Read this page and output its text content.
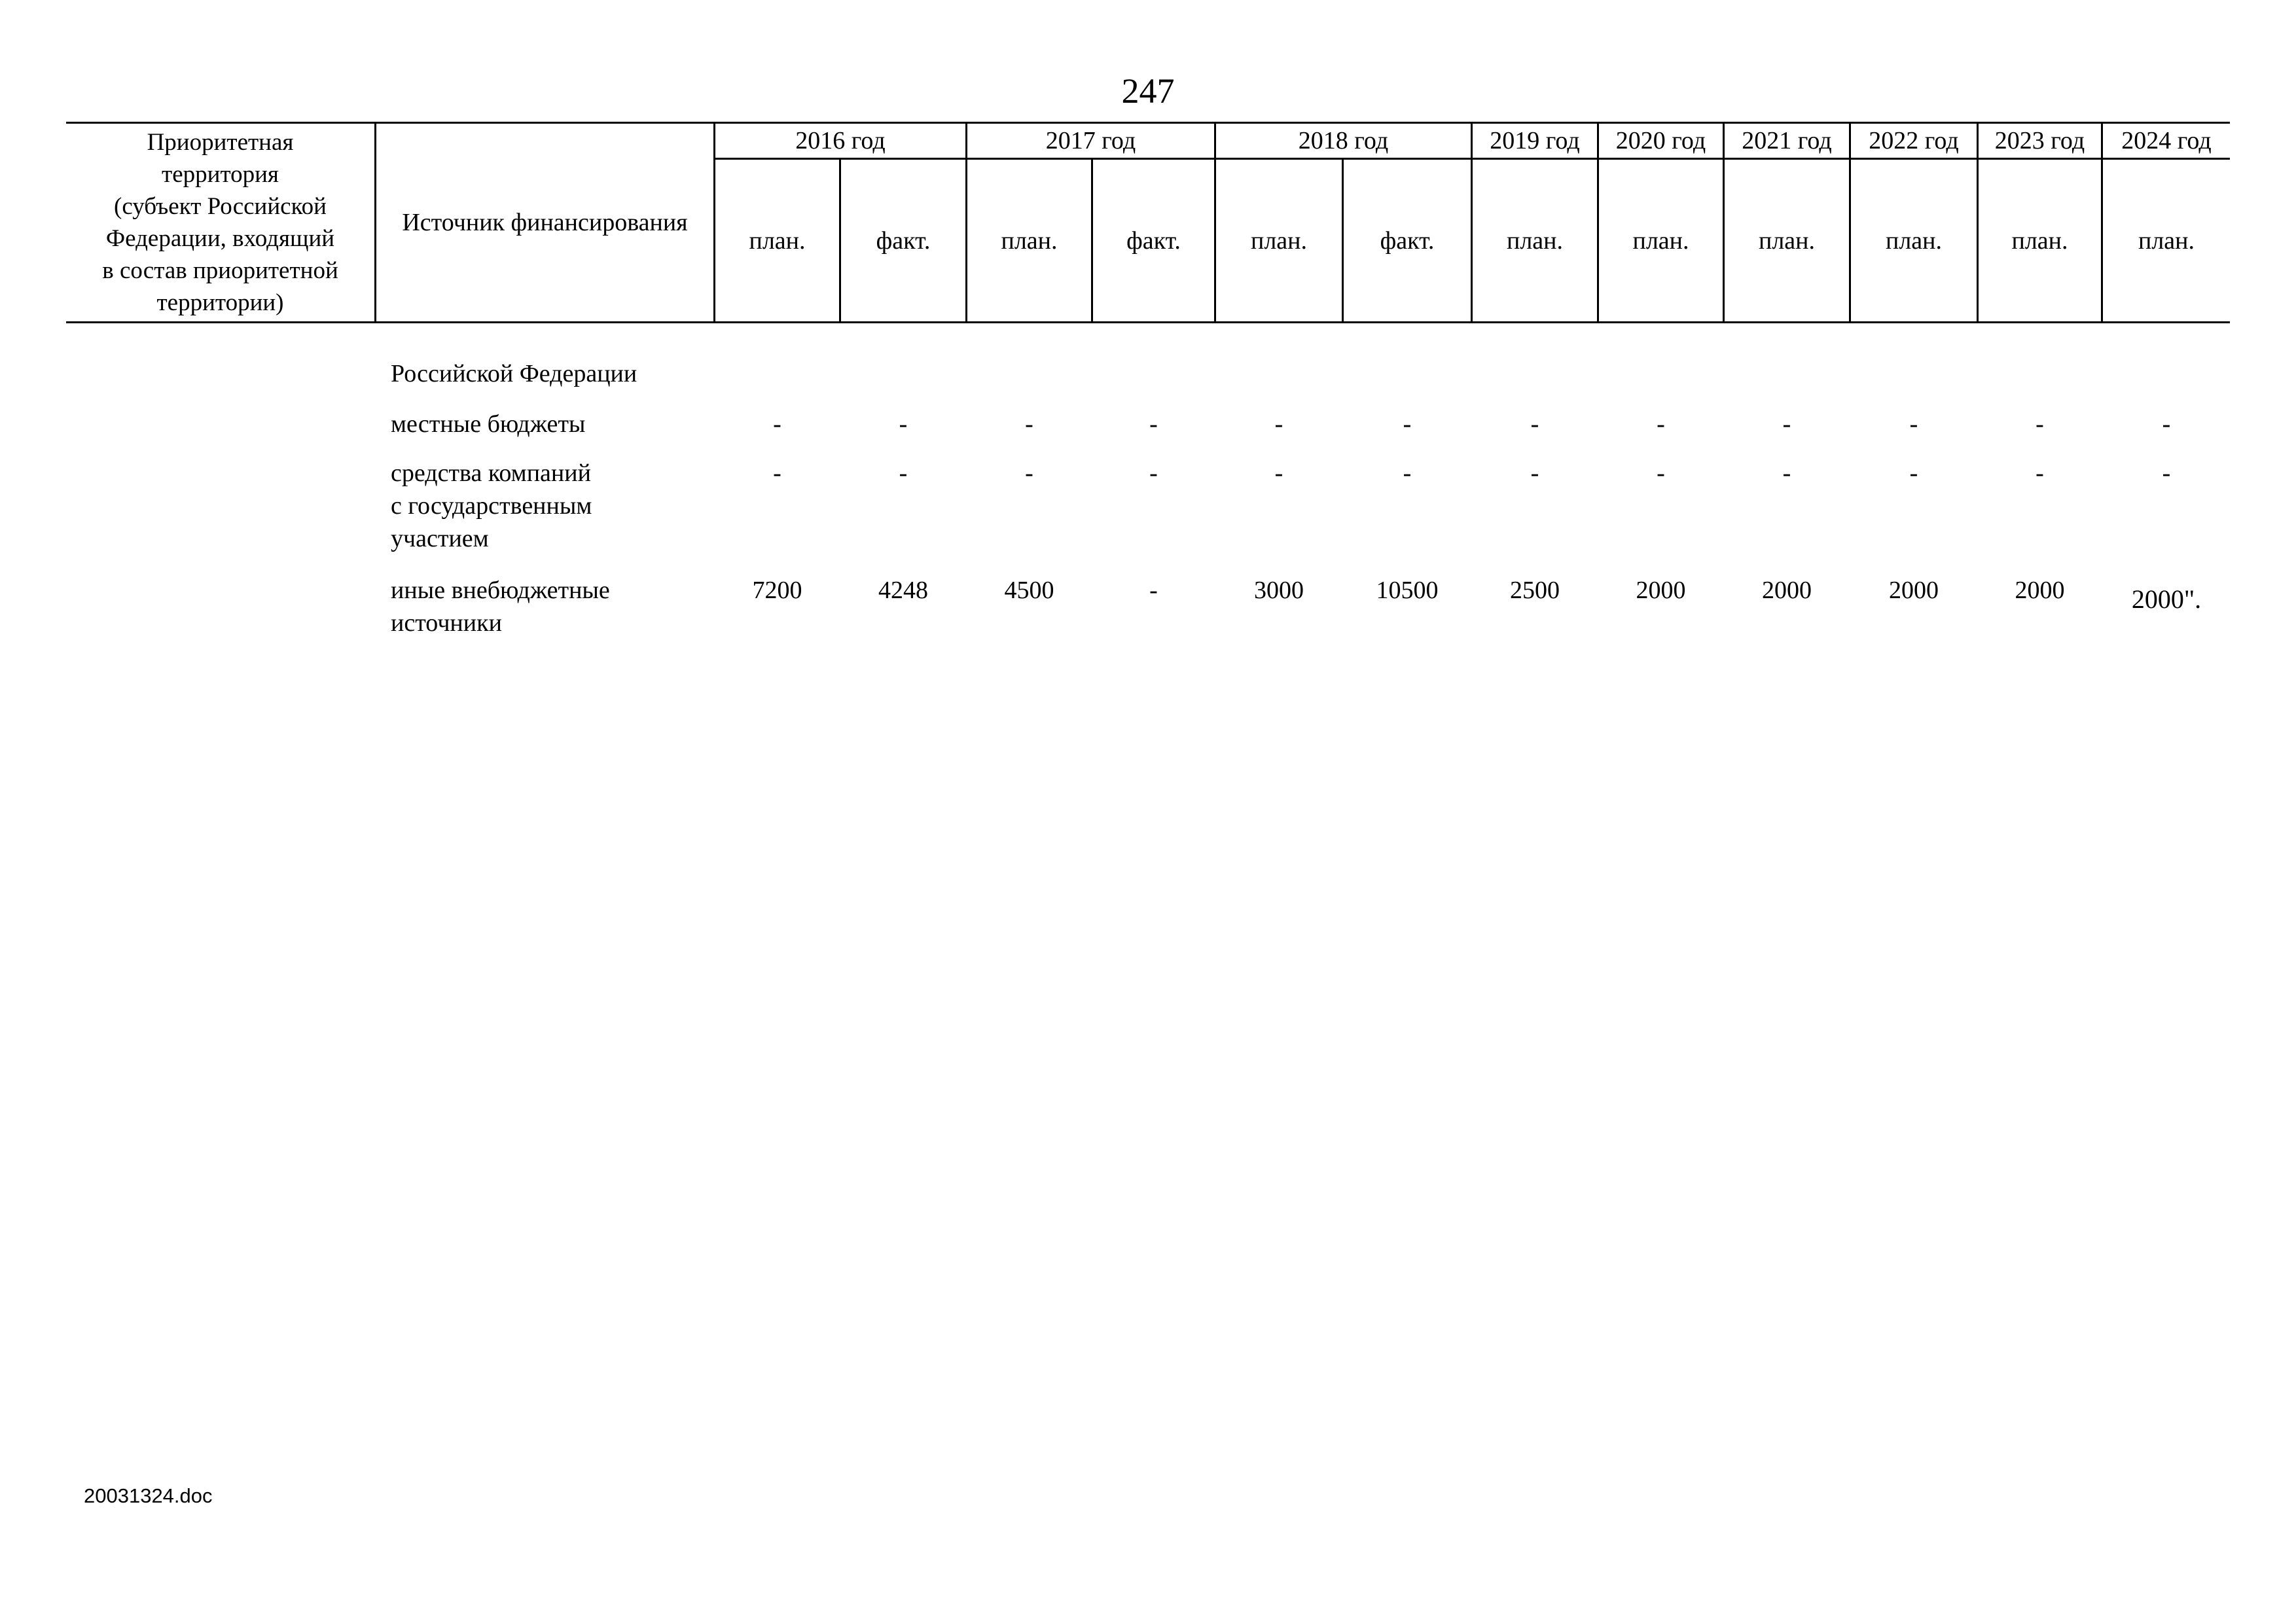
247
Приоритетная
территория
(субъект Российской
Федерации, входящий
в состав приоритетной
территории)
Источник финансирования
2016 год	2017 год	2018 год	2019 год	2020 год	2021 год	2022 год	2023 год	2024 год
план.	факт.	план.	факт.	план.	факт.	план.	план.	план.	план.	план.	план.
Российской Федерации
местные бюджеты	-	-	-	-	-	-	-	-	-	-	-	-
средства компаний
с государственным
участием
-	-	-	-	-	-	-	-	-	-	-	-
иные внебюджетные
источники
7200	4248	4500	-	3000	10500	2500	2000	2000	2000	2000	2000".
20031324.doc
